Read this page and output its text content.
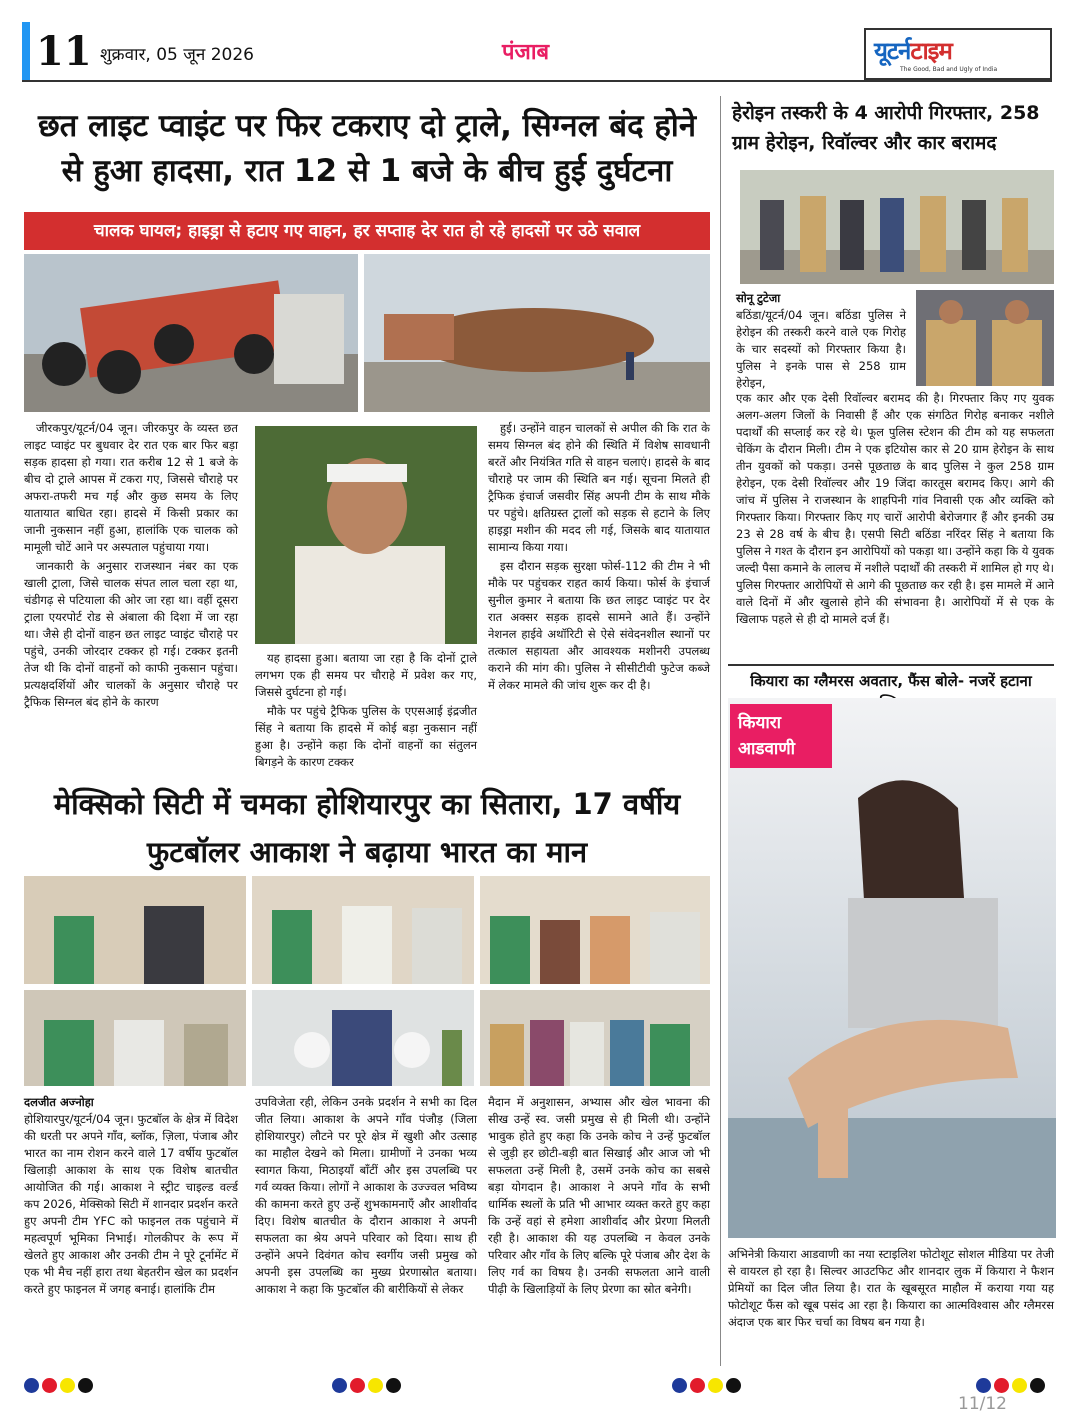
11 शुक्रवार, 05 जून 2026	पंजाब	यूटर्नटाइम
The Good, Bad and Ugly of India
छत लाइट प्वाइंट पर फिर टकराए दो ट्राले, सिग्नल बंद होने से हुआ हादसा, रात 12 से 1 बजे के बीच हुई दुर्घटना
चालक घायल; हाइड्रा से हटाए गए वाहन, हर सप्ताह देर रात हो रहे हादसों पर उठे सवाल

जीरकपुर/यूटर्न/04 जून। जीरकपुर के व्यस्त छत लाइट प्वाइंट पर बुधवार देर रात एक बार फिर बड़ा सड़क हादसा हो गया। रात करीब 12 से 1 बजे के बीच दो ट्राले आपस में टकरा गए, जिससे चौराहे पर अफरा-तफरी मच गई और कुछ समय के लिए यातायात बाधित रहा। हादसे में किसी प्रकार का जानी नुकसान नहीं हुआ, हालांकि एक चालक को मामूली चोटें आने पर अस्पताल पहुंचाया गया।

जानकारी के अनुसार राजस्थान नंबर का एक खाली ट्राला, जिसे चालक संपत लाल चला रहा था, चंडीगढ़ से पटियाला की ओर जा रहा था। वहीं दूसरा ट्राला एयरपोर्ट रोड से अंबाला की दिशा में जा रहा था। जैसे ही दोनों वाहन छत लाइट प्वाइंट चौराहे पर पहुंचे, उनकी जोरदार टक्कर हो गई। टक्कर इतनी तेज थी कि दोनों वाहनों को काफी नुकसान पहुंचा। प्रत्यक्षदर्शियों और चालकों के अनुसार चौराहे पर ट्रैफिक सिग्नल बंद होने के कारण

यह हादसा हुआ। बताया जा रहा है कि दोनों ट्राले लगभग एक ही समय पर चौराहे में प्रवेश कर गए, जिससे दुर्घटना हो गई।

मौके पर पहुंचे ट्रैफिक पुलिस के एएसआई इंद्रजीत सिंह ने बताया कि हादसे में कोई बड़ा नुकसान नहीं हुआ है। उन्होंने कहा कि दोनों वाहनों का संतुलन बिगड़ने के कारण टक्कर

हुई। उन्होंने वाहन चालकों से अपील की कि रात के समय सिग्नल बंद होने की स्थिति में विशेष सावधानी बरतें और नियंत्रित गति से वाहन चलाएं। हादसे के बाद चौराहे पर जाम की स्थिति बन गई। सूचना मिलते ही ट्रैफिक इंचार्ज जसवीर सिंह अपनी टीम के साथ मौके पर पहुंचे। क्षतिग्रस्त ट्रालों को सड़क से हटाने के लिए हाइड्रा मशीन की मदद ली गई, जिसके बाद यातायात सामान्य किया गया।

इस दौरान सड़क सुरक्षा फोर्स-112 की टीम ने भी मौके पर पहुंचकर राहत कार्य किया। फोर्स के इंचार्ज सुनील कुमार ने बताया कि छत लाइट प्वाइंट पर देर रात अक्सर सड़क हादसे सामने आते हैं। उन्होंने नेशनल हाईवे अथॉरिटी से ऐसे संवेदनशील स्थानों पर तत्काल सहायता और आवश्यक मशीनरी उपलब्ध कराने की मांग की। पुलिस ने सीसीटीवी फुटेज कब्जे में लेकर मामले की जांच शुरू कर दी है।

हेरोइन तस्करी के 4 आरोपी गिरफ्तार, 258 ग्राम हेरोइन, रिवॉल्वर और कार बरामद
सोनू टुटेजा
बठिंडा/यूटर्न/04 जून। बठिंडा पुलिस ने हेरोइन की तस्करी करने वाले एक गिरोह के चार सदस्यों को गिरफ्तार किया है। पुलिस ने इनके पास से 258 ग्राम हेरोइन,
एक कार और एक देसी रिवॉल्वर बरामद की है। गिरफ्तार किए गए युवक अलग-अलग जिलों के निवासी हैं और एक संगठित गिरोह बनाकर नशीले पदार्थों की सप्लाई कर रहे थे। फूल पुलिस स्टेशन की टीम को यह सफलता चेकिंग के दौरान मिली। टीम ने एक इटियोस कार से 20 ग्राम हेरोइन के साथ तीन युवकों को पकड़ा। उनसे पूछताछ के बाद पुलिस ने कुल 258 ग्राम हेरोइन, एक देसी रिवॉल्वर और 19 जिंदा कारतूस बरामद किए। आगे की जांच में पुलिस ने राजस्थान के शाहपिनी गांव निवासी एक और व्यक्ति को गिरफ्तार किया। गिरफ्तार किए गए चारों आरोपी बेरोजगार हैं और इनकी उम्र 23 से 28 वर्ष के बीच है। एसपी सिटी बठिंडा नरिंदर सिंह ने बताया कि पुलिस ने गश्त के दौरान इन आरोपियों को पकड़ा था। उन्होंने कहा कि ये युवक जल्दी पैसा कमाने के लालच में नशीले पदार्थों की तस्करी में शामिल हो गए थे। पुलिस गिरफ्तार आरोपियों से आगे की पूछताछ कर रही है। इस मामले में आने वाले दिनों में और खुलासे होने की संभावना है। आरोपियों में से एक के खिलाफ पहले से ही दो मामले दर्ज हैं।
कियारा का ग्लैमरस अवतार, फैंस बोले- नजरें हटाना
कियारा
आडवाणी
अभिनेत्री कियारा आडवाणी का नया स्टाइलिश फोटोशूट सोशल मीडिया पर तेजी से वायरल हो रहा है। सिल्वर आउटफिट और शानदार लुक में कियारा ने फैशन प्रेमियों का दिल जीत लिया है। रात के खूबसूरत माहौल में कराया गया यह फोटोशूट फैंस को खूब पसंद आ रहा है। कियारा का आत्मविश्वास और ग्लैमरस अंदाज एक बार फिर चर्चा का विषय बन गया है।
मेक्सिको सिटी में चमका होशियारपुर का सितारा, 17 वर्षीय फुटबॉलर आकाश ने बढ़ाया भारत का मान
दलजीत अज्नोहा
होशियारपुर/यूटर्न/04 जून। फुटबॉल के क्षेत्र में विदेश की धरती पर अपने गाँव, ब्लॉक, ज़िला, पंजाब और भारत का नाम रोशन करने वाले 17 वर्षीय फुटबॉल खिलाड़ी आकाश के साथ एक विशेष बातचीत आयोजित की गई। आकाश ने स्ट्रीट चाइल्ड वर्ल्ड कप 2026, मेक्सिको सिटी में शानदार प्रदर्शन करते हुए अपनी टीम YFC को फाइनल तक पहुंचाने में महत्वपूर्ण भूमिका निभाई। गोलकीपर के रूप में खेलते हुए आकाश और उनकी टीम ने पूरे टूर्नामेंट में एक भी मैच नहीं हारा तथा बेहतरीन खेल का प्रदर्शन करते हुए फाइनल में जगह बनाई। हालांकि टीम
उपविजेता रही, लेकिन उनके प्रदर्शन ने सभी का दिल जीत लिया। आकाश के अपने गाँव पंजौड़ (जिला होशियारपुर) लौटने पर पूरे क्षेत्र में खुशी और उत्साह का माहौल देखने को मिला। ग्रामीणों ने उनका भव्य स्वागत किया, मिठाइयाँ बाँटीं और इस उपलब्धि पर गर्व व्यक्त किया। लोगों ने आकाश के उज्ज्वल भविष्य की कामना करते हुए उन्हें शुभकामनाएँ और आशीर्वाद दिए। विशेष बातचीत के दौरान आकाश ने अपनी सफलता का श्रेय अपने परिवार को दिया। साथ ही उन्होंने अपने दिवंगत कोच स्वर्गीय जसी प्रमुख को अपनी इस उपलब्धि का मुख्य प्रेरणास्रोत बताया। आकाश ने कहा कि फुटबॉल की बारीकियों से लेकर
मैदान में अनुशासन, अभ्यास और खेल भावना की सीख उन्हें स्व. जसी प्रमुख से ही मिली थी। उन्होंने भावुक होते हुए कहा कि उनके कोच ने उन्हें फुटबॉल से जुड़ी हर छोटी-बड़ी बात सिखाई और आज जो भी सफलता उन्हें मिली है, उसमें उनके कोच का सबसे बड़ा योगदान है। आकाश ने अपने गाँव के सभी धार्मिक स्थलों के प्रति भी आभार व्यक्त करते हुए कहा कि उन्हें वहां से हमेशा आशीर्वाद और प्रेरणा मिलती रही है। आकाश की यह उपलब्धि न केवल उनके परिवार और गाँव के लिए बल्कि पूरे पंजाब और देश के लिए गर्व का विषय है। उनकी सफलता आने वाली पीढ़ी के खिलाड़ियों के लिए प्रेरणा का स्रोत बनेगी।
11/12
